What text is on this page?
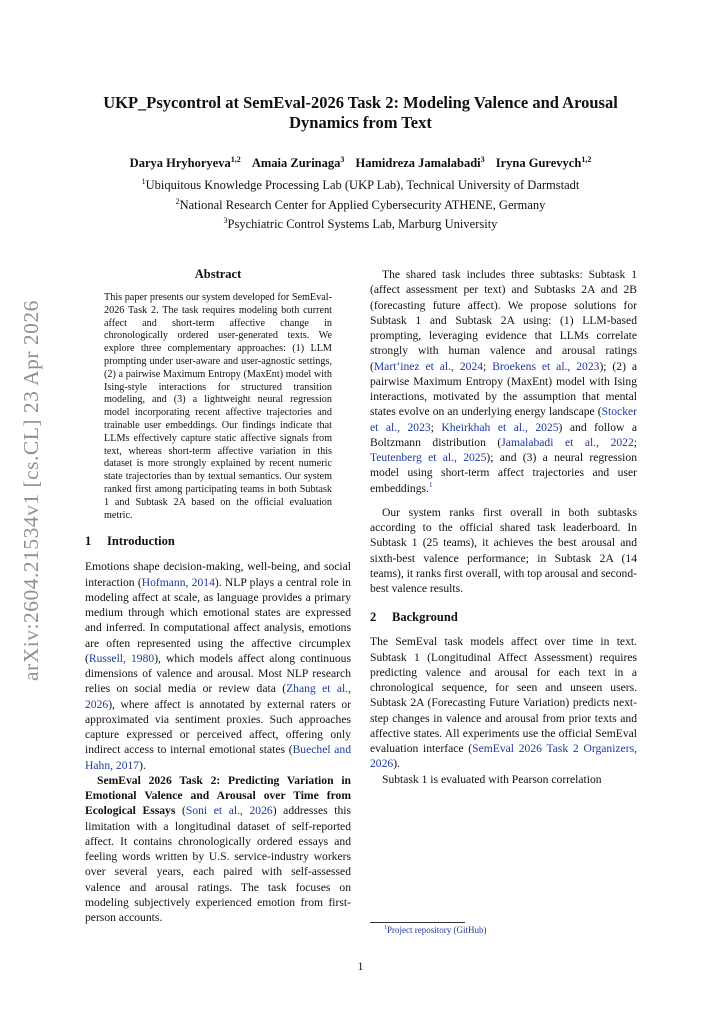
arXiv:2604.21534v1 [cs.CL] 23 Apr 2026
UKP_Psycontrol at SemEval-2026 Task 2: Modeling Valence and Arousal
Dynamics from Text
Darya Hryhoryeva$^{1,2}$ Amaia Zurinaga$^3$ Hamidreza Jamalabadi$^3$ Iryna Gurevych$^{1,2}$
$^1$Ubiquitous Knowledge Processing Lab (UKP Lab), Technical University of Darmstadt
$^2$National Research Center for Applied Cybersecurity ATHENE, Germany
$^3$Psychiatric Control Systems Lab, Marburg University
Abstract
This paper presents our system developed for SemEval-2026 Task 2. The task requires modeling both current affect and short-term affective change in chronologically ordered user-generated texts. We explore three complementary approaches: (1) LLM prompting under user-aware and user-agnostic settings, (2) a pairwise Maximum Entropy (MaxEnt) model with Ising-style interactions for structured transition modeling, and (3) a lightweight neural regression model incorporating recent affective trajectories and trainable user embeddings. Our findings indicate that LLMs effectively capture static affective signals from text, whereas short-term affective variation in this dataset is more strongly explained by recent numeric state trajectories than by textual semantics. Our system ranked first among participating teams in both Subtask 1 and Subtask 2A based on the official evaluation metric.
1 Introduction

Emotions shape decision-making, well-being, and social interaction (Hofmann, 2014). NLP plays a central role in modeling affect at scale, as language provides a primary medium through which emotional states are expressed and inferred. In computational affect analysis, emotions are often represented using the affective circumplex (Russell, 1980), which models affect along continuous dimensions of valence and arousal. Most NLP research relies on social media or review data (Zhang et al., 2026), where affect is annotated by external raters or approximated via sentiment proxies. Such approaches capture expressed or perceived affect, offering only indirect access to internal emotional states (Buechel and Hahn, 2017).

SemEval 2026 Task 2: Predicting Variation in Emotional Valence and Arousal over Time from Ecological Essays (Soni et al., 2026) addresses this limitation with a longitudinal dataset of self-reported affect. It contains chronologically ordered essays and feeling words written by U.S. service-industry workers over several years, each paired with self-assessed valence and arousal ratings. The task focuses on modeling subjectively experienced emotion from first-person accounts.

The shared task includes three subtasks: Subtask 1 (affect assessment per text) and Subtasks 2A and 2B (forecasting future affect). We propose solutions for Subtask 1 and Subtask 2A using: (1) LLM-based prompting, leveraging evidence that LLMs correlate strongly with human valence and arousal ratings (Mart’inez et al., 2024; Broekens et al., 2023); (2) a pairwise Maximum Entropy (MaxEnt) model with Ising interactions, motivated by the assumption that mental states evolve on an underlying energy landscape (Stocker et al., 2023; Kheirkhah et al., 2025) and follow a Boltzmann distribution (Jamalabadi et al., 2022; Teutenberg et al., 2025); and (3) a neural regression model using short-term affect trajectories and user embeddings.$^1$

Our system ranks first overall in both subtasks according to the official shared task leaderboard. In Subtask 1 (25 teams), it achieves the best arousal and sixth-best valence performance; in Subtask 2A (14 teams), it ranks first overall, with top arousal and second-best valence results.

2 Background

The SemEval task models affect over time in text. Subtask 1 (Longitudinal Affect Assessment) requires predicting valence and arousal for each text in a chronological sequence, for seen and unseen users. Subtask 2A (Forecasting Future Variation) predicts next-step changes in valence and arousal from prior texts and affective states. All experiments use the official SemEval evaluation interface (SemEval 2026 Task 2 Organizers, 2026).

Subtask 1 is evaluated with Pearson correlation

$^1$Project repository (GitHub)
1
